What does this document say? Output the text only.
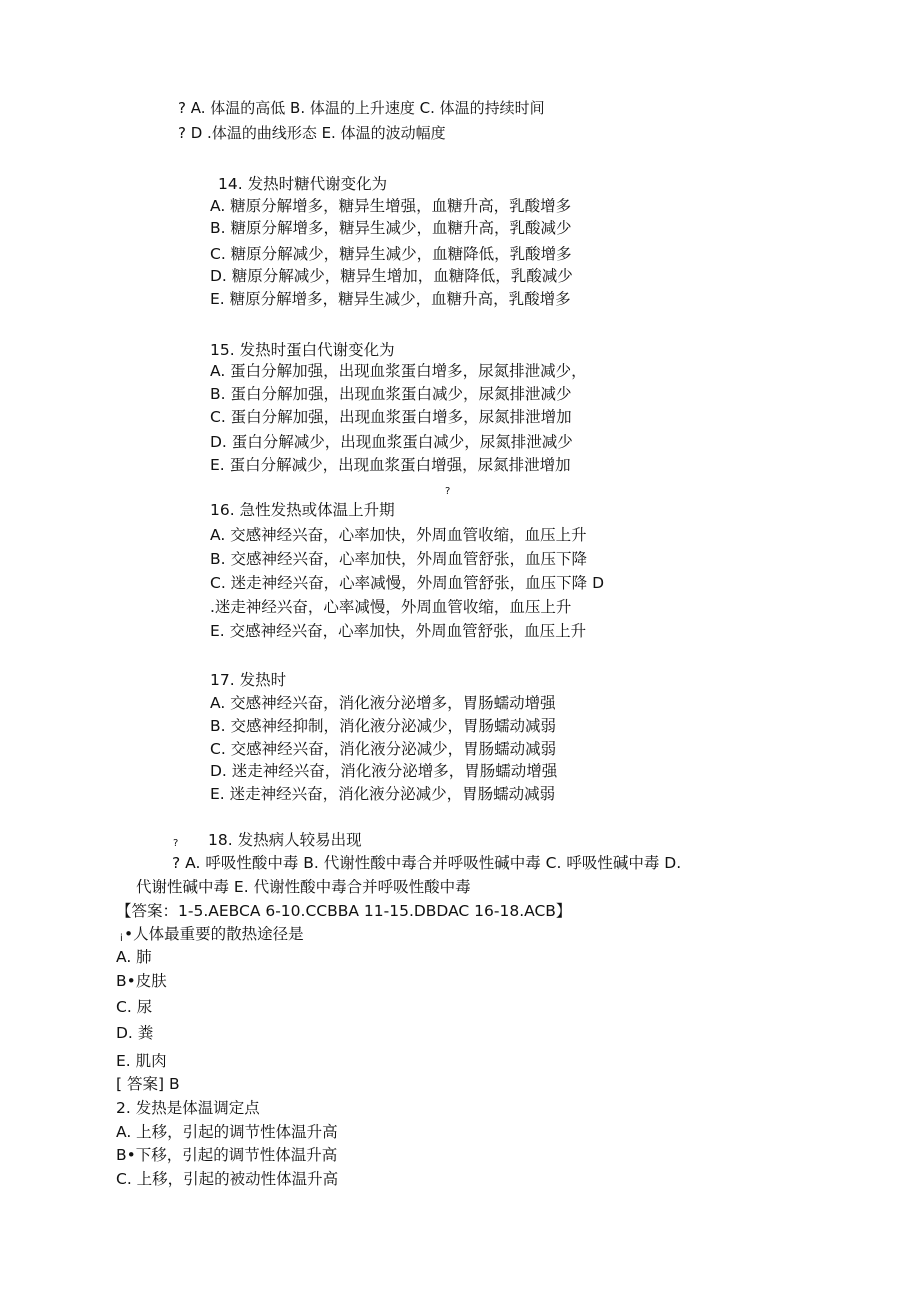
? A. 体温的高低 B. 体温的上升速度 C. 体温的持续时间
? D .体温的曲线形态 E. 体温的波动幅度
14. 发热时糖代谢变化为
A. 糖原分解增多，糖异生增强，血糖升高，乳酸增多
B. 糖原分解增多，糖异生减少，血糖升高，乳酸减少
C. 糖原分解减少，糖异生减少，血糖降低，乳酸增多
D. 糖原分解减少，糖异生增加，血糖降低，乳酸减少
E. 糖原分解增多，糖异生减少，血糖升高，乳酸增多
15. 发热时蛋白代谢变化为
A. 蛋白分解加强，出现血浆蛋白增多，尿氮排泄减少，
B. 蛋白分解加强，出现血浆蛋白减少，尿氮排泄减少
C. 蛋白分解加强，出现血浆蛋白增多，尿氮排泄增加
D. 蛋白分解减少，出现血浆蛋白减少，尿氮排泄减少
E. 蛋白分解减少，出现血浆蛋白增强，尿氮排泄增加
?
16. 急性发热或体温上升期
A. 交感神经兴奋，心率加快，外周血管收缩，血压上升
B. 交感神经兴奋，心率加快，外周血管舒张，血压下降
C. 迷走神经兴奋，心率减慢，外周血管舒张，血压下降 D
.迷走神经兴奋，心率减慢，外周血管收缩，血压上升
E. 交感神经兴奋，心率加快，外周血管舒张，血压上升
17. 发热时
A. 交感神经兴奋，消化液分泌增多，胃肠蠕动增强
B. 交感神经抑制，消化液分泌减少，胃肠蠕动减弱
C. 交感神经兴奋，消化液分泌减少，胃肠蠕动减弱
D. 迷走神经兴奋，消化液分泌增多，胃肠蠕动增强
E. 迷走神经兴奋，消化液分泌减少，胃肠蠕动减弱
? 18. 发热病人较易出现
? A. 呼吸性酸中毒 B. 代谢性酸中毒合并呼吸性碱中毒 C. 呼吸性碱中毒 D.
代谢性碱中毒 E. 代谢性酸中毒合并呼吸性酸中毒
【答案：1-5.AEBCA 6-10.CCBBA 11-15.DBDAC 16-18.ACB】
i •人体最重要的散热途径是
A. 肺
B•皮肤
C. 尿
D. 粪
E. 肌肉
[ 答案] B
2. 发热是体温调定点
A. 上移，引起的调节性体温升高
B•下移，引起的调节性体温升高
C. 上移，引起的被动性体温升高
